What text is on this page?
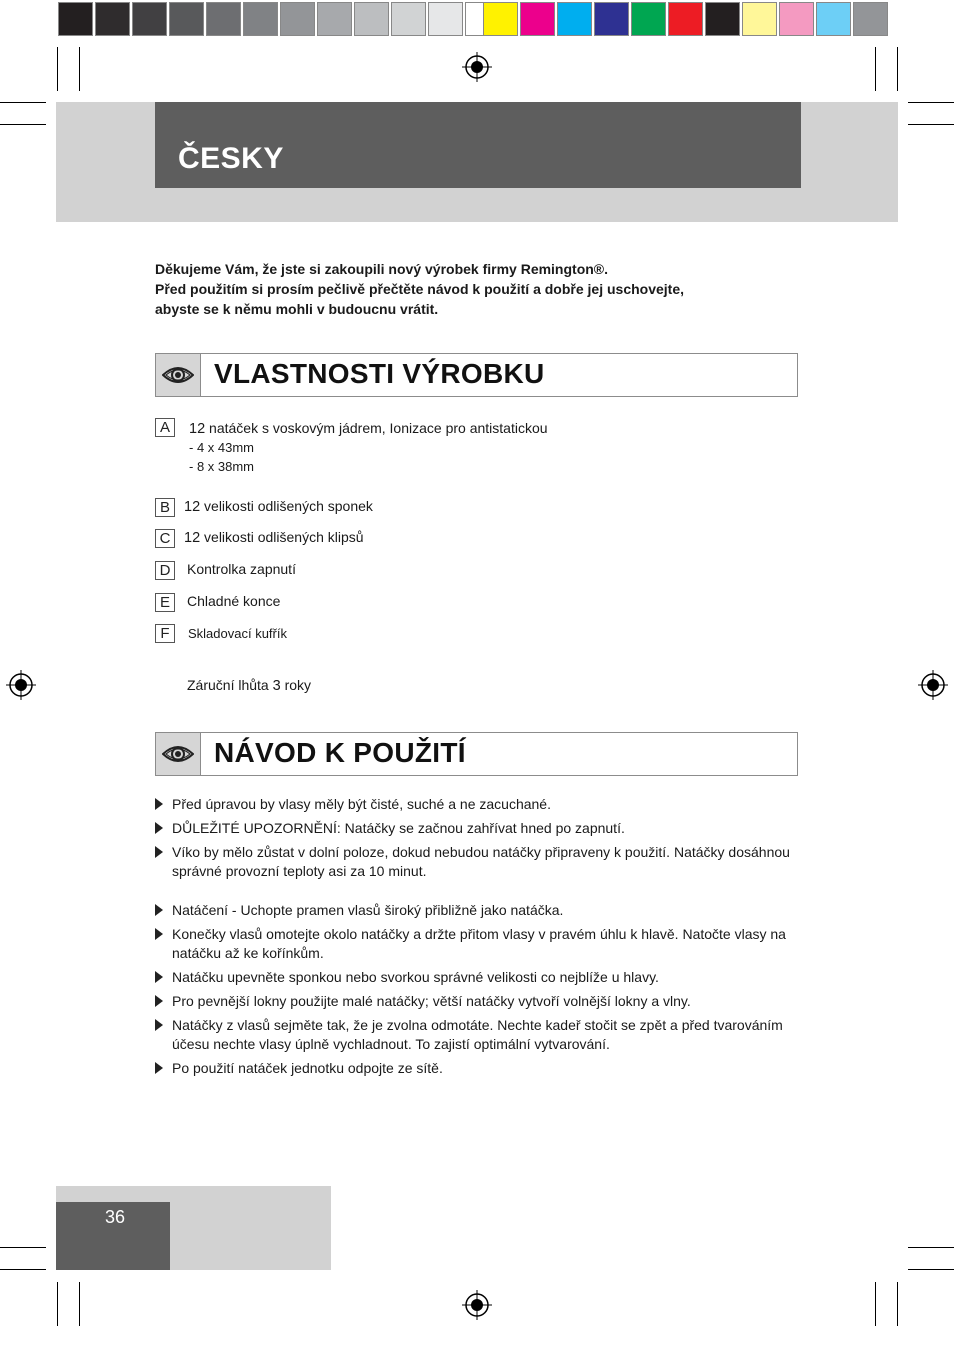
ČESKY

Děkujeme Vám, že jste si zakoupili nový výrobek firmy Remington®.

Před použitím si prosím pečlivě přečtěte návod k použití a dobře jej uschovejte,

abyste se k němu mohli v budoucnu vrátit.

VLASTNOSTI VÝROBKU
A	12 natáček s voskovým jádrem, Ionizace pro antistatickou
- 4 x 43mm
- 8 x 38mm
B 12 velikosti odlišených sponek
C 12 velikosti odlišených klipsů
D	Kontrolka zapnutí
E	Chladné konce
F	Skladovací kufřík
Záruční lhůta 3 roky
NÁVOD K POUŽITÍ
Před úpravou by vlasy měly být čisté, suché a ne zacuchané.
DŮLEŽITÉ UPOZORNĚNÍ: Natáčky se začnou zahřívat hned po zapnutí.
Víko by mělo zůstat v dolní poloze, dokud nebudou natáčky připraveny k použití. Natáčky dosáhnou správné provozní teploty asi za 10 minut.
Natáčení - Uchopte pramen vlasů široký přibližně jako natáčka.
Konečky vlasů omotejte okolo natáčky a držte přitom vlasy v pravém úhlu k hlavě. Natočte vlasy na natáčku až ke kořínkům.
Natáčku upevněte sponkou nebo svorkou správné velikosti co nejblíže u hlavy.
Pro pevnější lokny použijte malé natáčky; větší natáčky vytvoří volnější lokny a vlny.
Natáčky z vlasů sejměte tak, že je zvolna odmotáte. Nechte kadeř stočit se zpět a před tvarováním účesu nechte vlasy úplně vychladnout. To zajistí optimální vytvarování.
Po použití natáček jednotku odpojte ze sítě.
36
